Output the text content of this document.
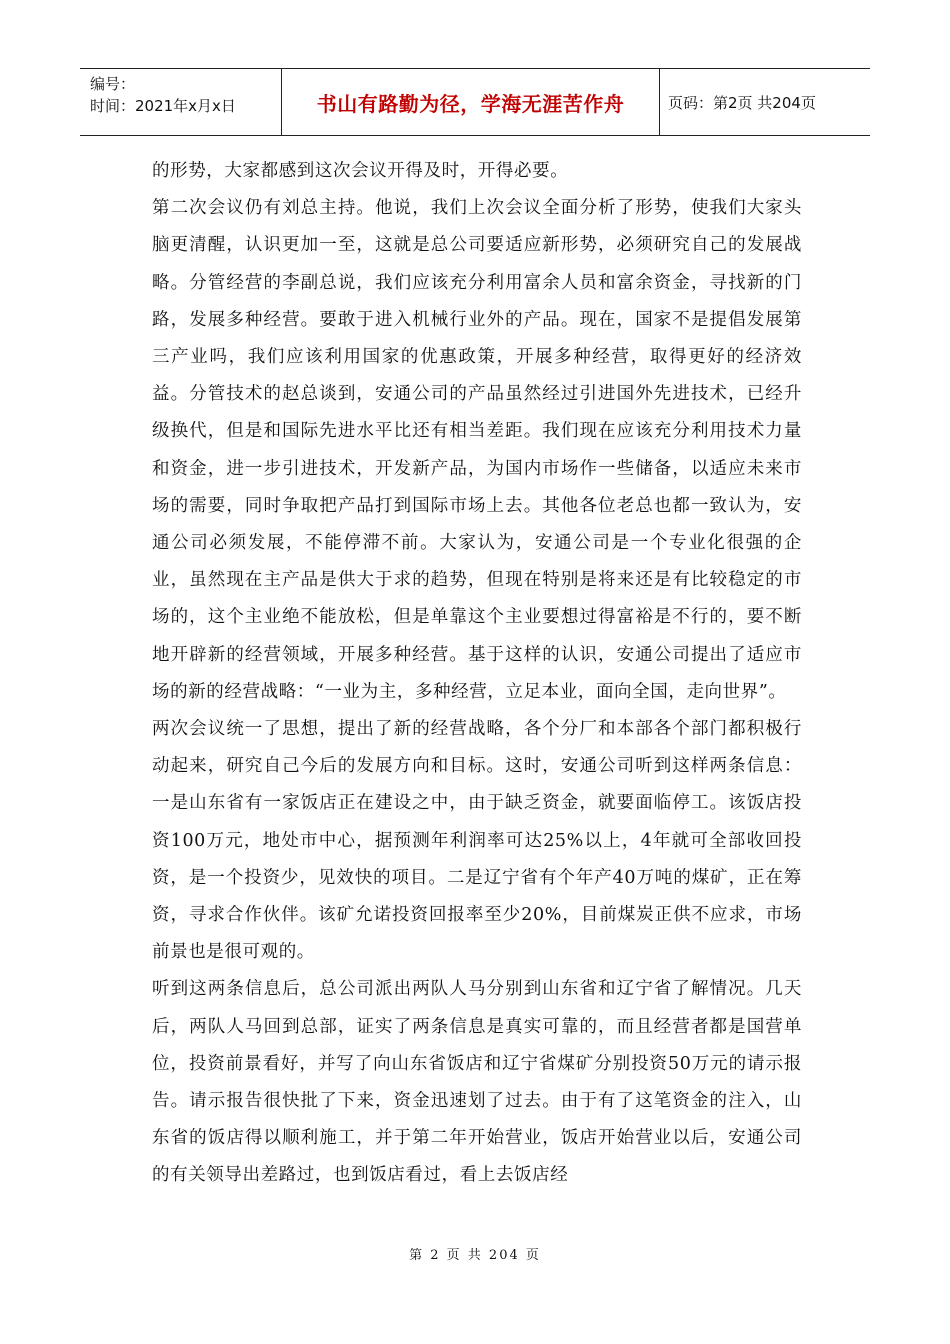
编号：
时间：2021年x月x日	书山有路勤为径，学海无涯苦作舟	页码：第2页 共204页

的形势，大家都感到这次会议开得及时，开得必要。

第二次会议仍有刘总主持。他说，我们上次会议全面分析了形势，使我们大家头脑更清醒，认识更加一至，这就是总公司要适应新形势，必须研究自己的发展战略。分管经营的李副总说，我们应该充分利用富余人员和富余资金，寻找新的门路，发展多种经营。要敢于进入机械行业外的产品。现在，国家不是提倡发展第三产业吗，我们应该利用国家的优惠政策，开展多种经营，取得更好的经济效益。分管技术的赵总谈到，安通公司的产品虽然经过引进国外先进技术，已经升级换代，但是和国际先进水平比还有相当差距。我们现在应该充分利用技术力量和资金，进一步引进技术，开发新产品，为国内市场作一些储备，以适应未来市场的需要，同时争取把产品打到国际市场上去。其他各位老总也都一致认为，安通公司必须发展，不能停滞不前。大家认为，安通公司是一个专业化很强的企业，虽然现在主产品是供大于求的趋势，但现在特别是将来还是有比较稳定的市场的，这个主业绝不能放松，但是单靠这个主业要想过得富裕是不行的，要不断地开辟新的经营领域，开展多种经营。基于这样的认识，安通公司提出了适应市场的新的经营战略：“一业为主，多种经营，立足本业，面向全国，走向世界”。

两次会议统一了思想，提出了新的经营战略，各个分厂和本部各个部门都积极行动起来，研究自己今后的发展方向和目标。这时，安通公司听到这样两条信息：一是山东省有一家饭店正在建设之中，由于缺乏资金，就要面临停工。该饭店投资100万元，地处市中心，据预测年利润率可达25%以上，4年就可全部收回投资，是一个投资少，见效快的项目。二是辽宁省有个年产40万吨的煤矿，正在筹资，寻求合作伙伴。该矿允诺投资回报率至少20%，目前煤炭正供不应求，市场前景也是很可观的。

听到这两条信息后，总公司派出两队人马分别到山东省和辽宁省了解情况。几天后，两队人马回到总部，证实了两条信息是真实可靠的，而且经营者都是国营单位，投资前景看好，并写了向山东省饭店和辽宁省煤矿分别投资50万元的请示报告。请示报告很快批了下来，资金迅速划了过去。由于有了这笔资金的注入，山东省的饭店得以顺利施工，并于第二年开始营业，饭店开始营业以后，安通公司的有关领导出差路过，也到饭店看过，看上去饭店经

第 2 页 共 204 页
